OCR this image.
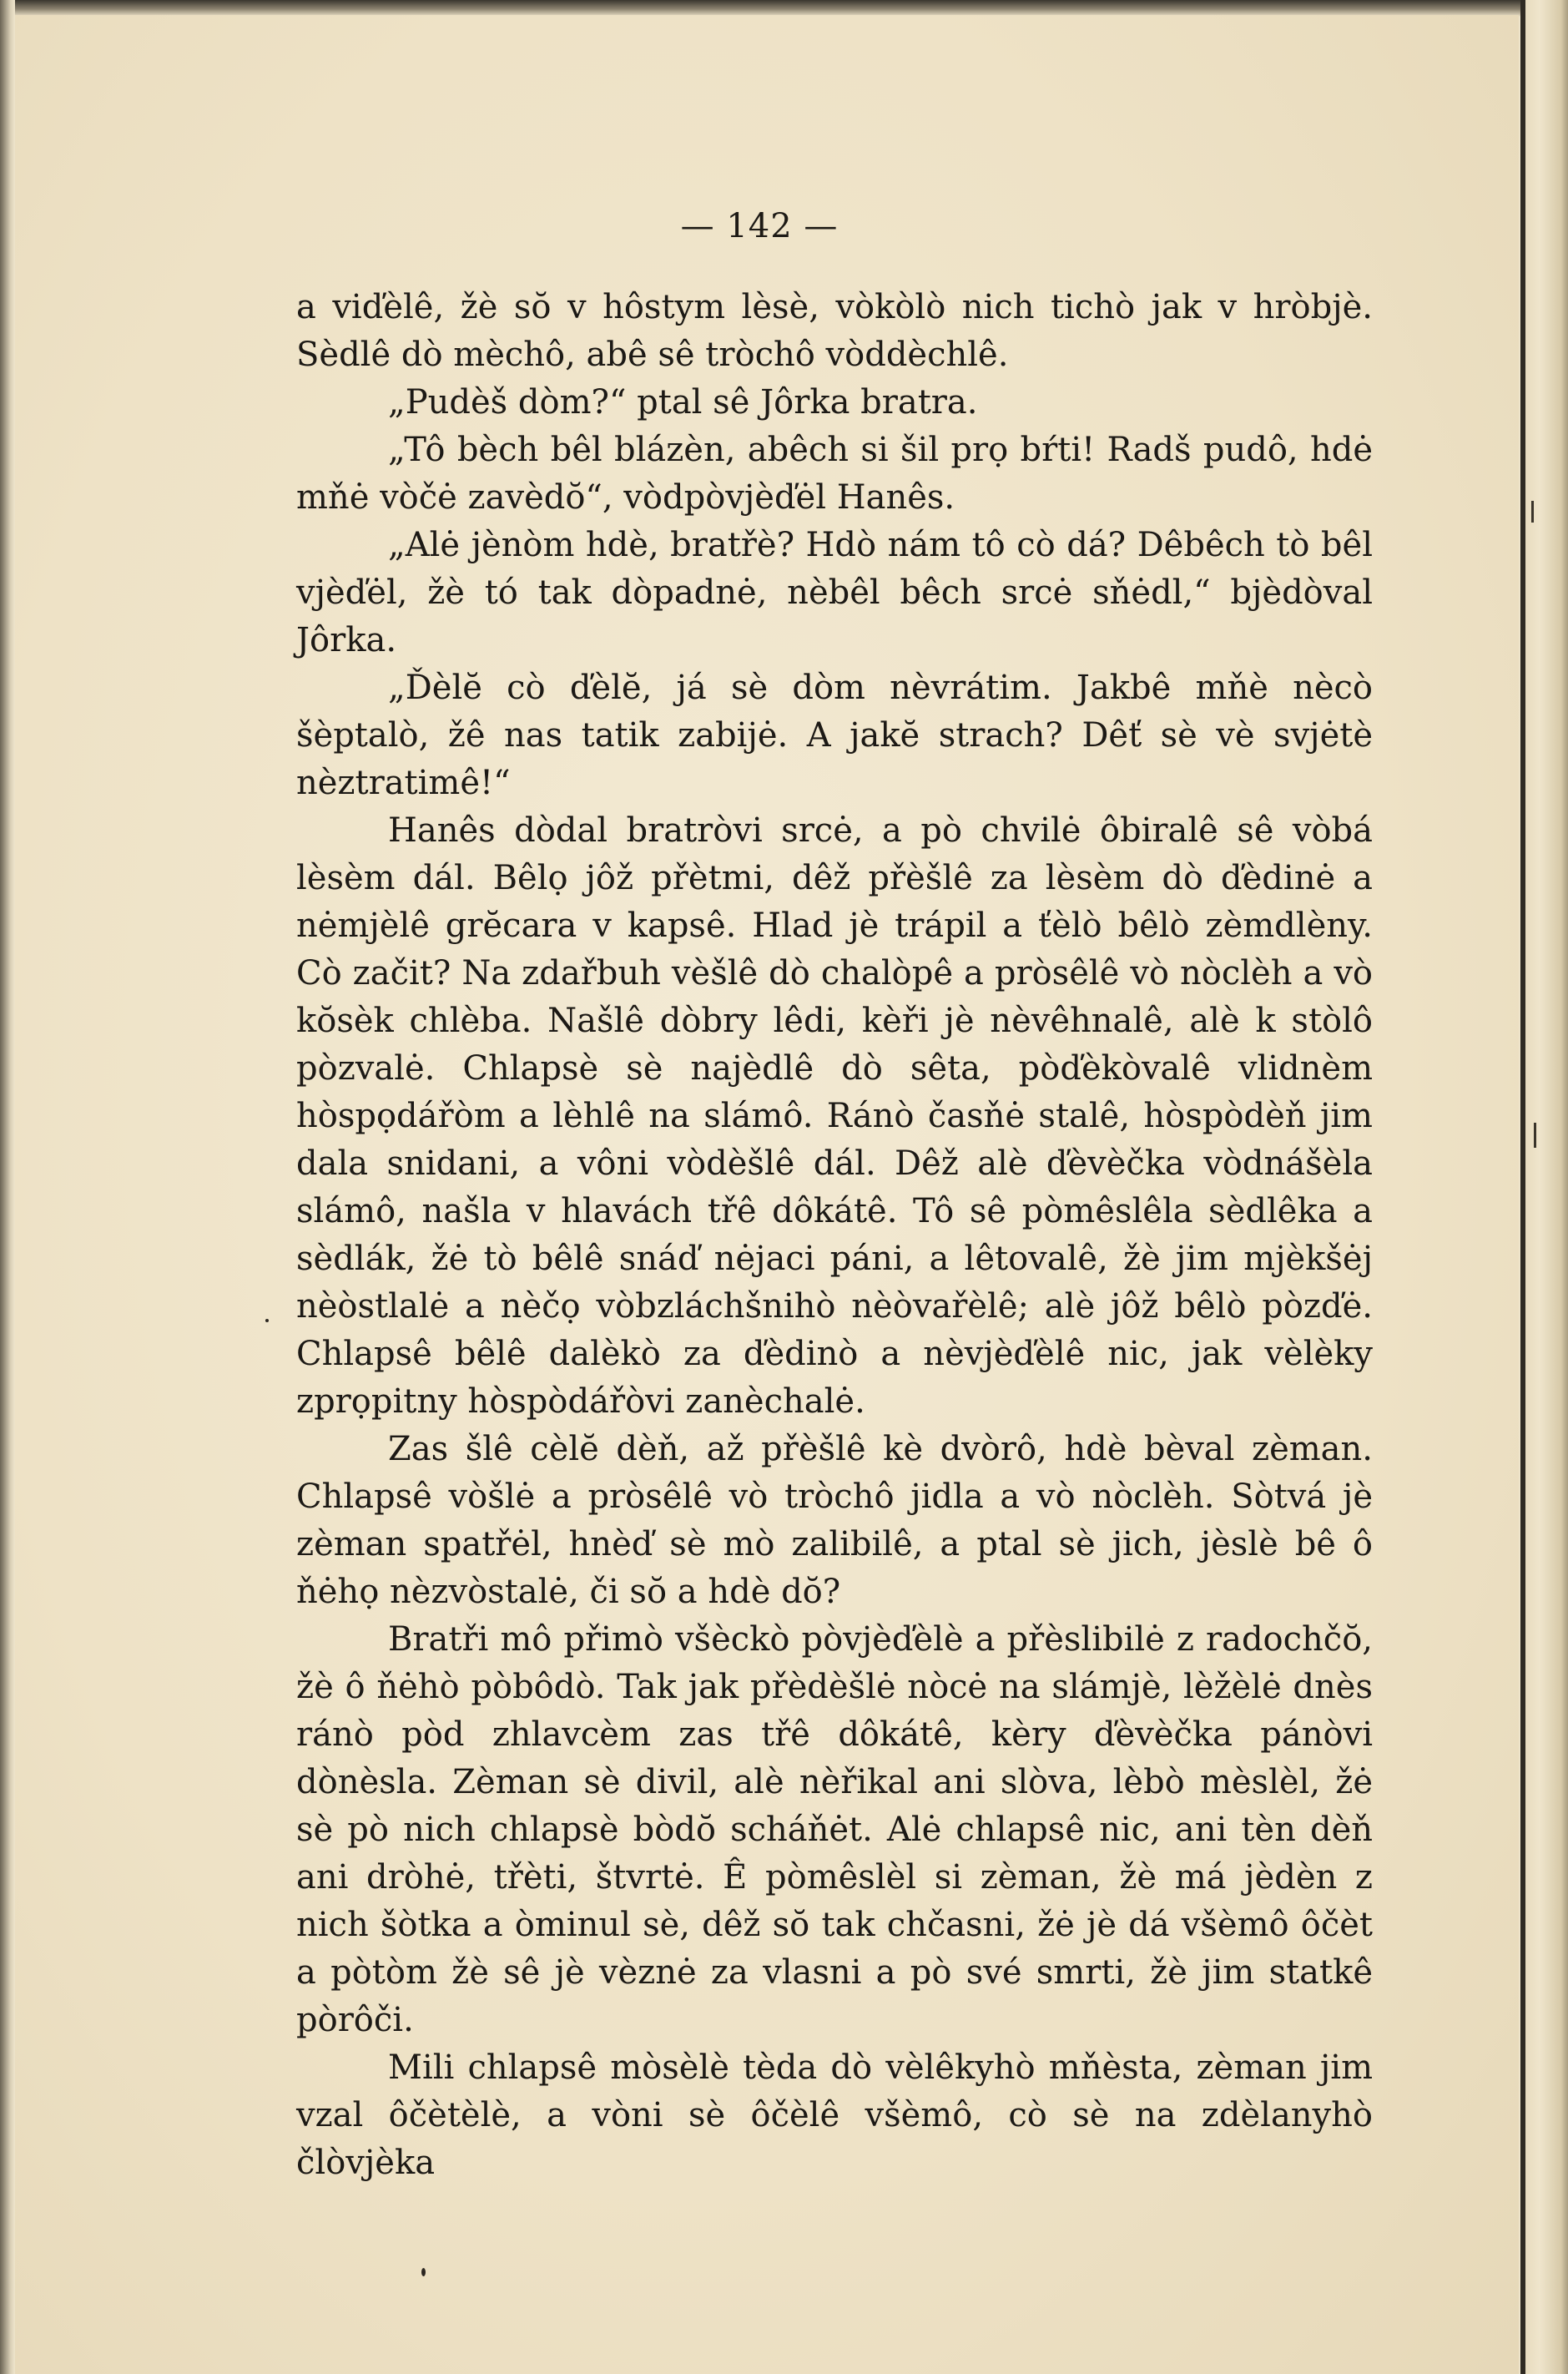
— 142 —

a viďèlê, žè sŏ v hôstym lèsè, vòkòlò nich tichò jak v hròbjè. Sèdlê dò mèchô, abê sê tròchô vòddèchlê.

„Pudèš dòm?“ ptal sê Jôrka bratra.

„Tô bèch bêl blázèn, abêch si šil prọ bŕti! Radš pudô, hdė mňė vòčė zavèdŏ“, vòdpòvjèďėl Hanês.

„Alė jènòm hdè, bratřè? Hdò nám tô cò dá? Dêbêch tò bêl vjèďėl, žè tó tak dòpadnė, nèbêl bêch srcė sňėdl,“ bjèdòval Jôrka.

„Ďèlĕ cò ďèlĕ, já sè dòm nèvrátim. Jakbê mňè nècò šèptalò, žê nas tatik zabijė. A jakĕ strach? Dêť sè vè svjėtè nèztratimê!“

Hanês dòdal bratròvi srcė, a pò chvilė ôbiralê sê vòbá lèsèm dál. Bêlọ jôž přètmi, dêž přèšlê za lèsèm dò ďèdinė a nėmjèlê grĕcara v kapsê. Hlad jè trápil a ťèlò bêlò zèmdlèny. Cò začit? Na zdařbuh vèšlê dò chalòpê a pròsêlê vò nòclèh a vò kŏsèk chlèba. Našlê dòbry lêdi, kèři jè nèvêhnalê, alè k stòlô pòzvalė. Chlapsè sè najèdlê dò sêta, pòďèkòvalê vlidnèm hòspọdářòm a lèhlê na slámô. Ránò časňė stalê, hòspòdèň jim dala snidani, a vôni vòdèšlê dál. Dêž alè ďèvèčka vòdnášèla slámô, našla v hlavách třê dôkátê. Tô sê pòmêslêla sèdlêka a sèdlák, žė tò bêlê snáď nėjaci páni, a lêtovalê, žè jim mjèkšėj nèòstlalė a nèčọ vòbzláchšnihò nèòvařèlê; alè jôž bêlò pòzďė. Chlapsê bêlê dalèkò za ďèdinò a nèvjèďèlê nic, jak vèlèky zprọpitny hòspòdářòvi zanèchalė.

Zas šlê cèlĕ dèň, až přèšlê kè dvòrô, hdè bèval zèman. Chlapsê vòšlė a pròsêlê vò tròchô jidla a vò nòclèh. Sòtvá jè zèman spatřėl, hnèď sè mò zalibilê, a ptal sè jich, jèslè bê ô ňėhọ nèzvòstalė, či sŏ a hdè dŏ?

Bratři mô přimò všèckò pòvjèďèlè a přèslibilė z radochčŏ, žè ô ňėhò pòbôdò. Tak jak přèdèšlė nòcė na slámjè, lèžèlė dnès ránò pòd zhlavcèm zas třê dôkátê, kèry ďèvèčka pánòvi dònèsla. Zèman sè divil, alè nèřikal ani slòva, lèbò mèslèl, žė sè pò nich chlapsè bòdŏ scháňėt. Alė chlapsê nic, ani tèn dèň ani dròhė, třèti, štvrtė. Ê pòmêslèl si zèman, žè má jèdèn z nich šòtka a òminul sè, dêž sŏ tak chčasni, žė jè dá všèmô ôčèt a pòtòm žè sê jè vèznė za vlasni a pò své smrti, žè jim statkê pòrôči.

Mili chlapsê mòsèlè tèda dò vèlêkyhò mňèsta, zèman jim vzal ôčètèlè, a vòni sè ôčèlê všèmô, cò sè na zdèlanyhò člòvjèka
